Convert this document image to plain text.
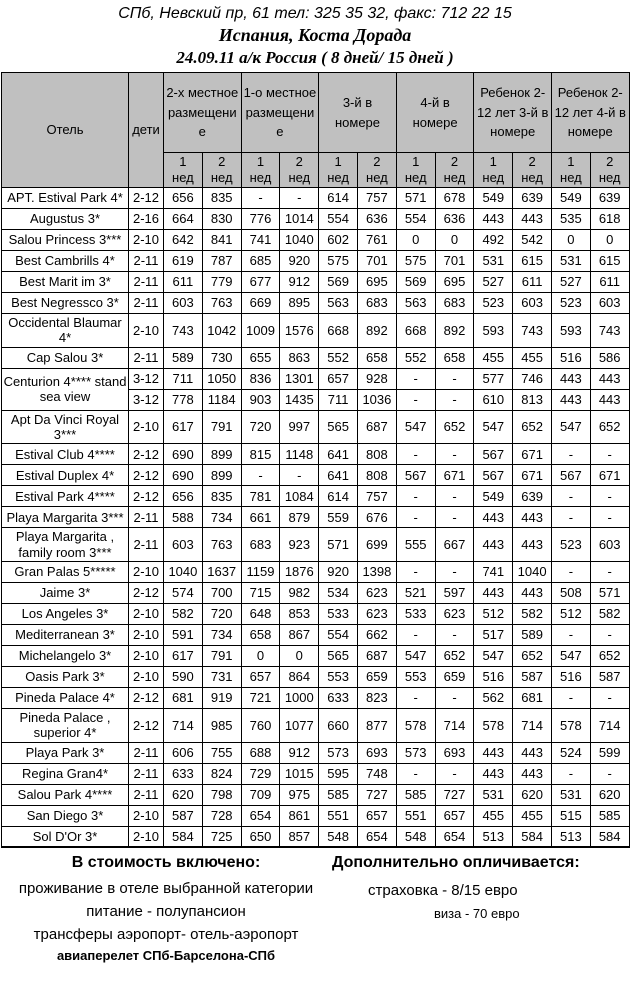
СПб, Невский пр, 61 тел: 325 35 32, факс: 712 22 15
Испания, Коста Дорада
24.09.11 а/к Россия ( 8 дней/ 15 дней )
Отель	дети	2-х местное размещение		1-о местное размещение		3-й в номере		4-й в номере		Ребенок 2-12 лет 3-й в номере		Ребенок 2-12 лет 4-й в номере	
		1 нед	2 нед	1 нед	2 нед	1 нед	2 нед	1 нед	2 нед	1 нед	2 нед	1 нед	2 нед
APT. Estival Park 4*	2-12	656	835	-	-	614	757	571	678	549	639	549	639
Augustus 3*	2-16	664	830	776	1014	554	636	554	636	443	443	535	618
Salou Princess 3***	2-10	642	841	741	1040	602	761	0	0	492	542	0	0
Best Cambrills 4*	2-11	619	787	685	920	575	701	575	701	531	615	531	615
Best Marit im 3*	2-11	611	779	677	912	569	695	569	695	527	611	527	611
Best Negressco 3*	2-11	603	763	669	895	563	683	563	683	523	603	523	603
Occidental Blaumar 4*	2-10	743	1042	1009	1576	668	892	668	892	593	743	593	743
Cap Salou 3*	2-11	589	730	655	863	552	658	552	658	455	455	516	586
Centurion 4**** stand sea view	3-12	711	1050	836	1301	657	928	-	-	577	746	443	443
	3-12	778	1184	903	1435	711	1036	-	-	610	813	443	443
Apt Da Vinci Royal 3***	2-10	617	791	720	997	565	687	547	652	547	652	547	652
Estival Club 4****	2-12	690	899	815	1148	641	808	-	-	567	671	-	-
Estival Duplex 4*	2-12	690	899	-	-	641	808	567	671	567	671	567	671
Estival Park 4****	2-12	656	835	781	1084	614	757	-	-	549	639	-	-
Playa Margarita 3***	2-11	588	734	661	879	559	676	-	-	443	443	-	-
Playa Margarita , family room 3***	2-11	603	763	683	923	571	699	555	667	443	443	523	603
Gran Palas 5*****	2-10	1040	1637	1159	1876	920	1398	-	-	741	1040	-	-
Jaime 3*	2-12	574	700	715	982	534	623	521	597	443	443	508	571
Los Angeles 3*	2-10	582	720	648	853	533	623	533	623	512	582	512	582
Mediterranean 3*	2-10	591	734	658	867	554	662	-	-	517	589	-	-
Michelangelo 3*	2-10	617	791	0	0	565	687	547	652	547	652	547	652
Oasis Park 3*	2-10	590	731	657	864	553	659	553	659	516	587	516	587
Pineda Palace 4*	2-12	681	919	721	1000	633	823	-	-	562	681	-	-
Pineda Palace , superior 4*	2-12	714	985	760	1077	660	877	578	714	578	714	578	714
Playa Park 3*	2-11	606	755	688	912	573	693	573	693	443	443	524	599
Regina Gran4*	2-11	633	824	729	1015	595	748	-	-	443	443	-	-
Salou Park 4****	2-11	620	798	709	975	585	727	585	727	531	620	531	620
San Diego 3*	2-10	587	728	654	861	551	657	551	657	455	455	515	585
Sol D'Or 3*	2-10	584	725	650	857	548	654	548	654	513	584	513	584
В стоимость включено:
проживание в отеле выбранной категории
питание - полупансион
трансферы аэропорт- отель-аэропорт
авиаперелет СПб-Барселона-СПб
Дополнительно опличивается:
страховка - 8/15 евро
виза - 70 евро
